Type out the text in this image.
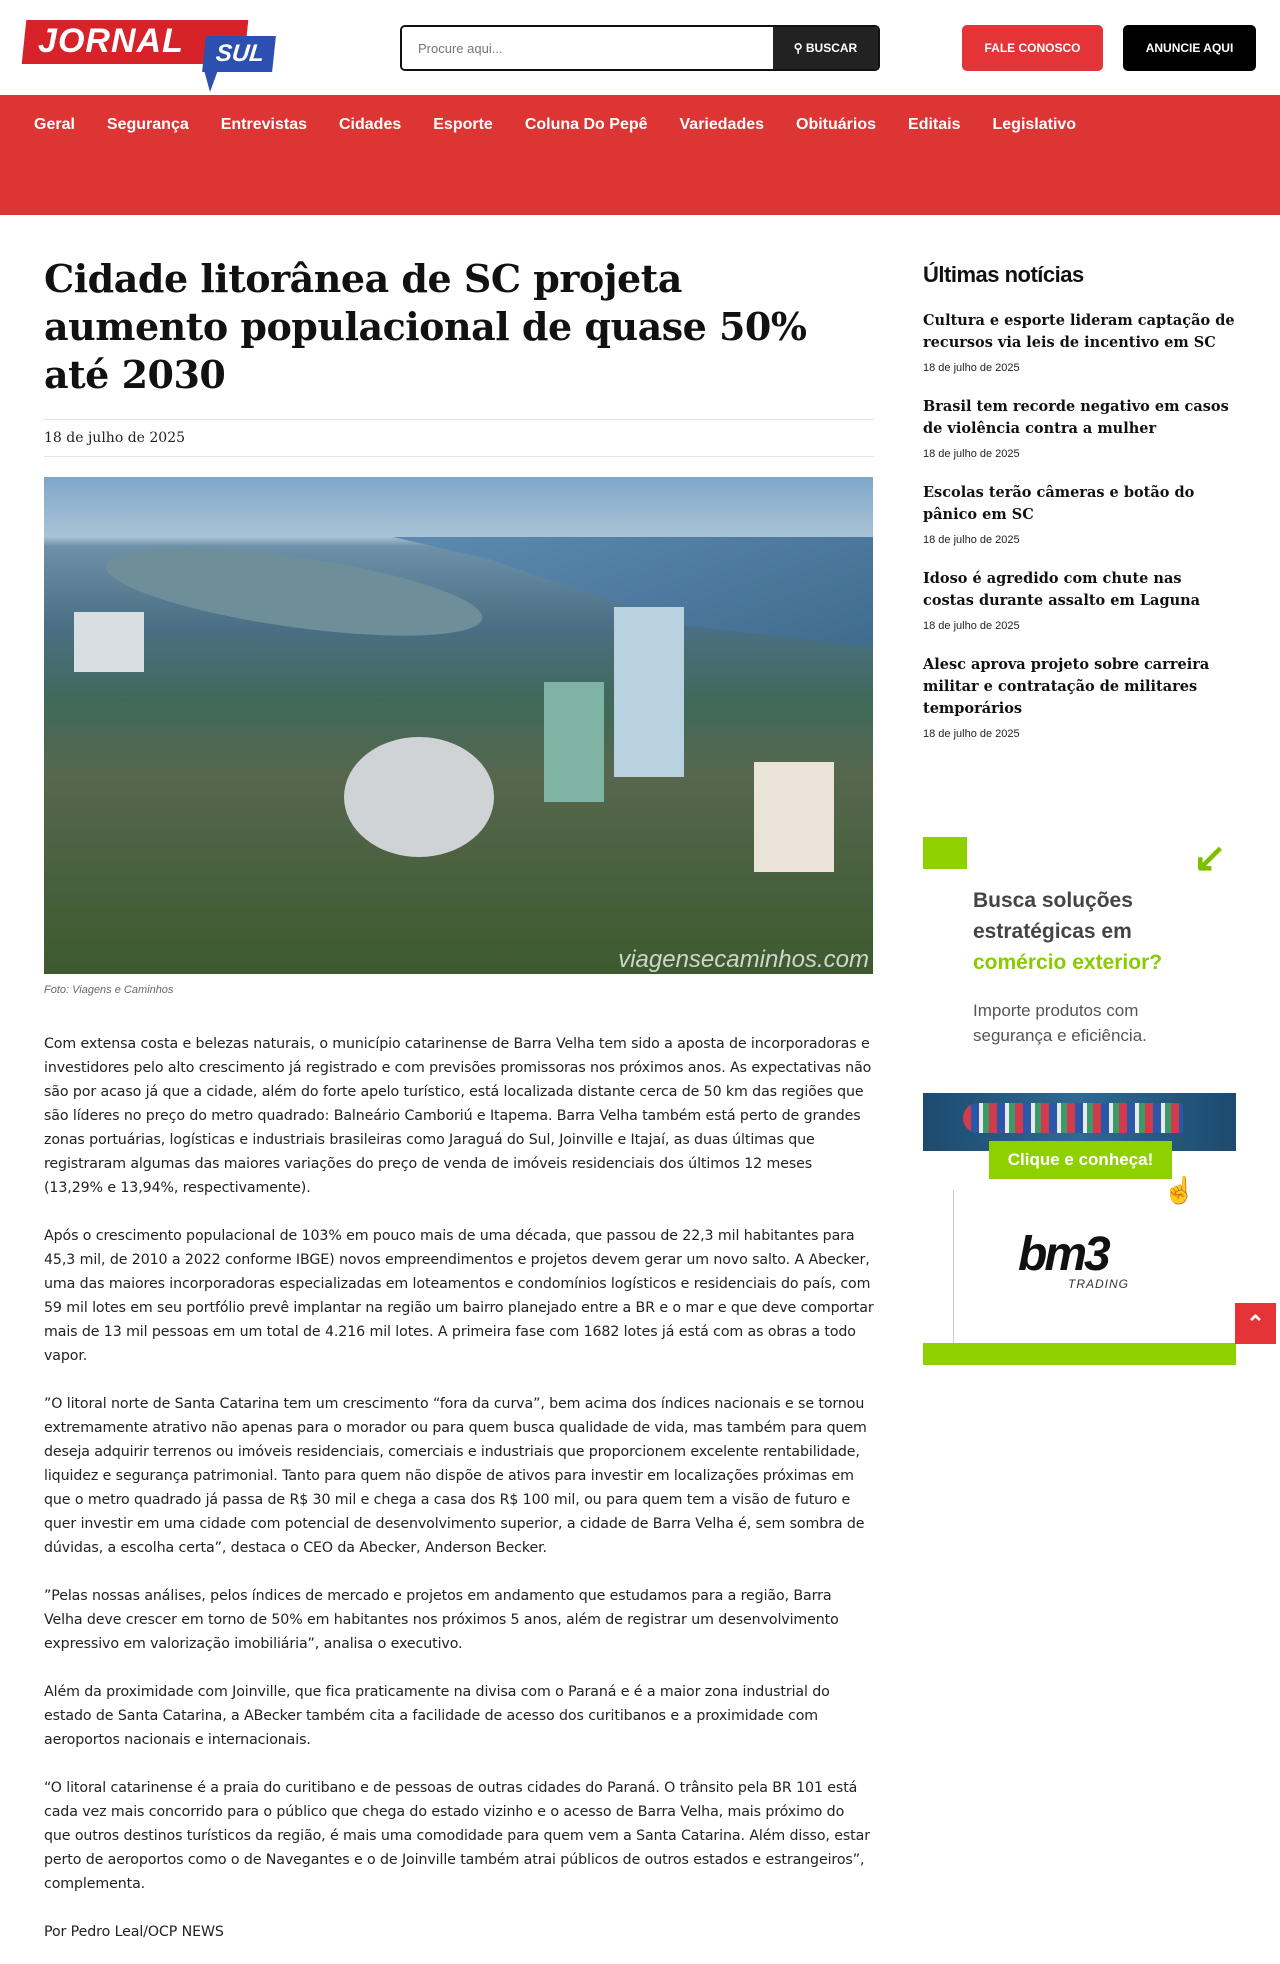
JORNAL SUL
Procure aqui...	⚲ BUSCAR	FALE CONOSCO	ANUNCIE AQUI
Geral	Segurança	Entrevistas	Cidades	Esporte	Coluna Do Pepê	Variedades	Obituários	Editais	Legislativo
Cidade litorânea de SC projeta aumento populacional de quase 50% até 2030
18 de julho de 2025
viagensecaminhos.com
Foto: Viagens e Caminhos

Com extensa costa e belezas naturais, o município catarinense de Barra Velha tem sido a aposta de incorporadoras e investidores pelo alto crescimento já registrado e com previsões promissoras nos próximos anos. As expectativas não são por acaso já que a cidade, além do forte apelo turístico, está localizada distante cerca de 50 km das regiões que são líderes no preço do metro quadrado: Balneário Camboriú e Itapema. Barra Velha também está perto de grandes zonas portuárias, logísticas e industriais brasileiras como Jaraguá do Sul, Joinville e Itajaí, as duas últimas que registraram algumas das maiores variações do preço de venda de imóveis residenciais dos últimos 12 meses (13,29% e 13,94%, respectivamente).

Após o crescimento populacional de 103% em pouco mais de uma década, que passou de 22,3 mil habitantes para 45,3 mil, de 2010 a 2022 conforme IBGE) novos empreendimentos e projetos devem gerar um novo salto. A Abecker, uma das maiores incorporadoras especializadas em loteamentos e condomínios logísticos e residenciais do país, com 59 mil lotes em seu portfólio prevê implantar na região um bairro planejado entre a BR e o mar e que deve comportar mais de 13 mil pessoas em um total de 4.216 mil lotes. A primeira fase com 1682 lotes já está com as obras a todo vapor.

”O litoral norte de Santa Catarina tem um crescimento “fora da curva”, bem acima dos índices nacionais e se tornou extremamente atrativo não apenas para o morador ou para quem busca qualidade de vida, mas também para quem deseja adquirir terrenos ou imóveis residenciais, comerciais e industriais que proporcionem excelente rentabilidade, liquidez e segurança patrimonial. Tanto para quem não dispõe de ativos para investir em localizações próximas em que o metro quadrado já passa de R$ 30 mil e chega a casa dos R$ 100 mil, ou para quem tem a visão de futuro e quer investir em uma cidade com potencial de desenvolvimento superior, a cidade de Barra Velha é, sem sombra de dúvidas, a escolha certa”, destaca o CEO da Abecker, Anderson Becker.

”Pelas nossas análises, pelos índices de mercado e projetos em andamento que estudamos para a região, Barra Velha deve crescer em torno de 50% em habitantes nos próximos 5 anos, além de registrar um desenvolvimento expressivo em valorização imobiliária”, analisa o executivo.

Além da proximidade com Joinville, que fica praticamente na divisa com o Paraná e é a maior zona industrial do estado de Santa Catarina, a ABecker também cita a facilidade de acesso dos curitibanos e a proximidade com aeroportos nacionais e internacionais.

“O litoral catarinense é a praia do curitibano e de pessoas de outras cidades do Paraná. O trânsito pela BR 101 está cada vez mais concorrido para o público que chega do estado vizinho e o acesso de Barra Velha, mais próximo do que outros destinos turísticos da região, é mais uma comodidade para quem vem a Santa Catarina. Além disso, estar perto de aeroportos como o de Navegantes e o de Joinville também atrai públicos de outros estados e estrangeiros”, complementa.

Por Pedro Leal/OCP NEWS

Últimas notícias
Cultura e esporte lideram captação de recursos via leis de incentivo em SC
18 de julho de 2025
Brasil tem recorde negativo em casos de violência contra a mulher
18 de julho de 2025
Escolas terão câmeras e botão do pânico em SC
18 de julho de 2025
Idoso é agredido com chute nas costas durante assalto em Laguna
18 de julho de 2025
Alesc aprova projeto sobre carreira militar e contratação de militares temporários
18 de julho de 2025
↙
Busca soluções
estratégicas em
comércio exterior?
Importe produtos com
segurança e eficiência.
Clique e conheça!
☝
bm3
TRADING
⌃
